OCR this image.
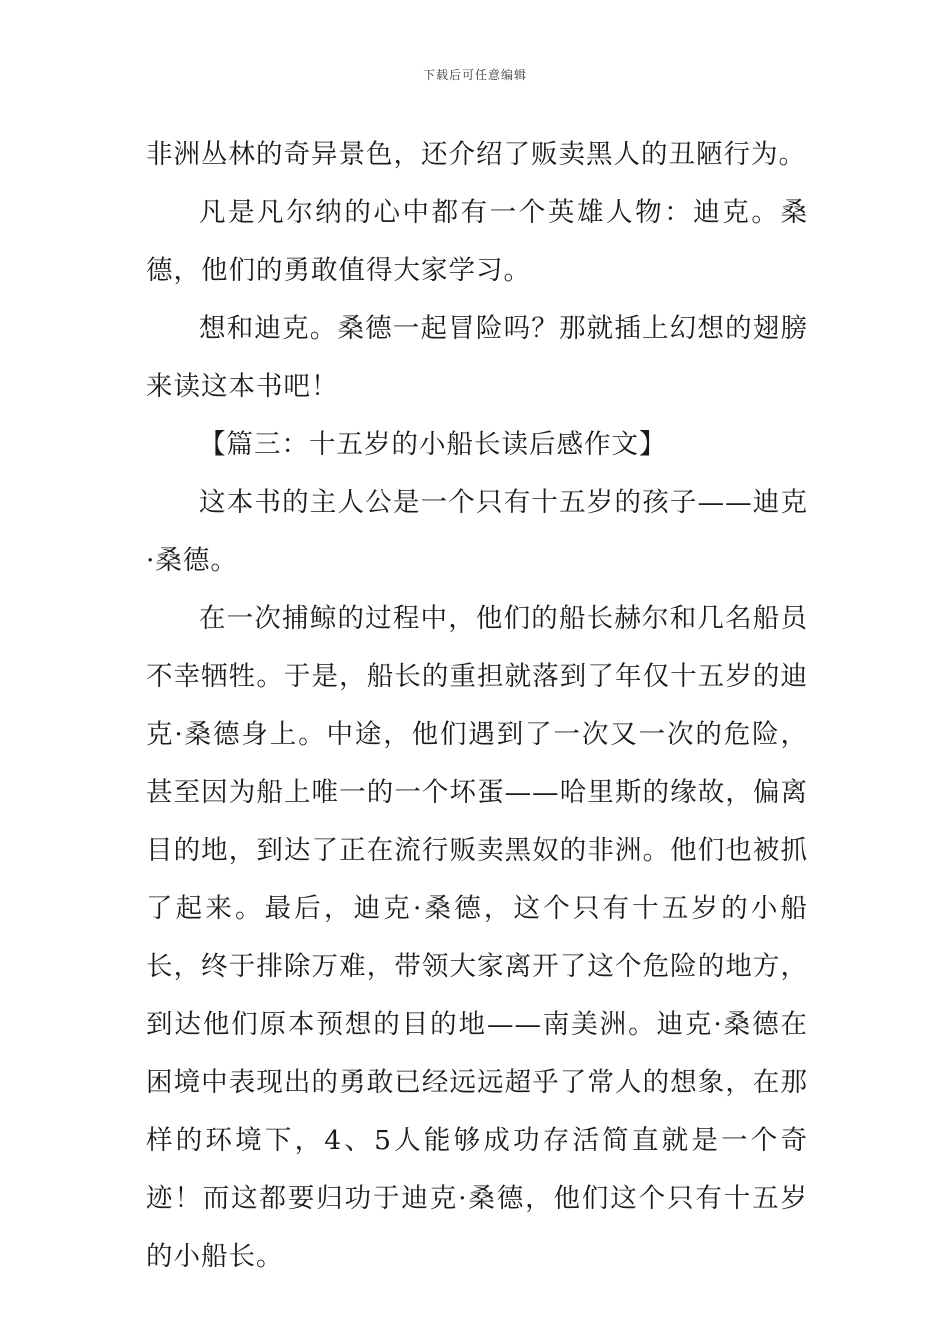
下载后可任意编辑

非洲丛林的奇异景色，还介绍了贩卖黑人的丑陋行为。

凡是凡尔纳的心中都有一个英雄人物：迪克。桑德，他们的勇敢值得大家学习。

想和迪克。桑德一起冒险吗？那就插上幻想的翅膀来读这本书吧！

【篇三：十五岁的小船长读后感作文】

这本书的主人公是一个只有十五岁的孩子——迪克·桑德。

在一次捕鲸的过程中，他们的船长赫尔和几名船员不幸牺牲。于是，船长的重担就落到了年仅十五岁的迪克·桑德身上。中途，他们遇到了一次又一次的危险，甚至因为船上唯一的一个坏蛋——哈里斯的缘故，偏离目的地，到达了正在流行贩卖黑奴的非洲。他们也被抓了起来。最后，迪克·桑德，这个只有十五岁的小船长，终于排除万难，带领大家离开了这个危险的地方，到达他们原本预想的目的地——南美洲。迪克·桑德在困境中表现出的勇敢已经远远超乎了常人的想象，在那样的环境下，4、5人能够成功存活简直就是一个奇迹！而这都要归功于迪克·桑德，他们这个只有十五岁的小船长。
